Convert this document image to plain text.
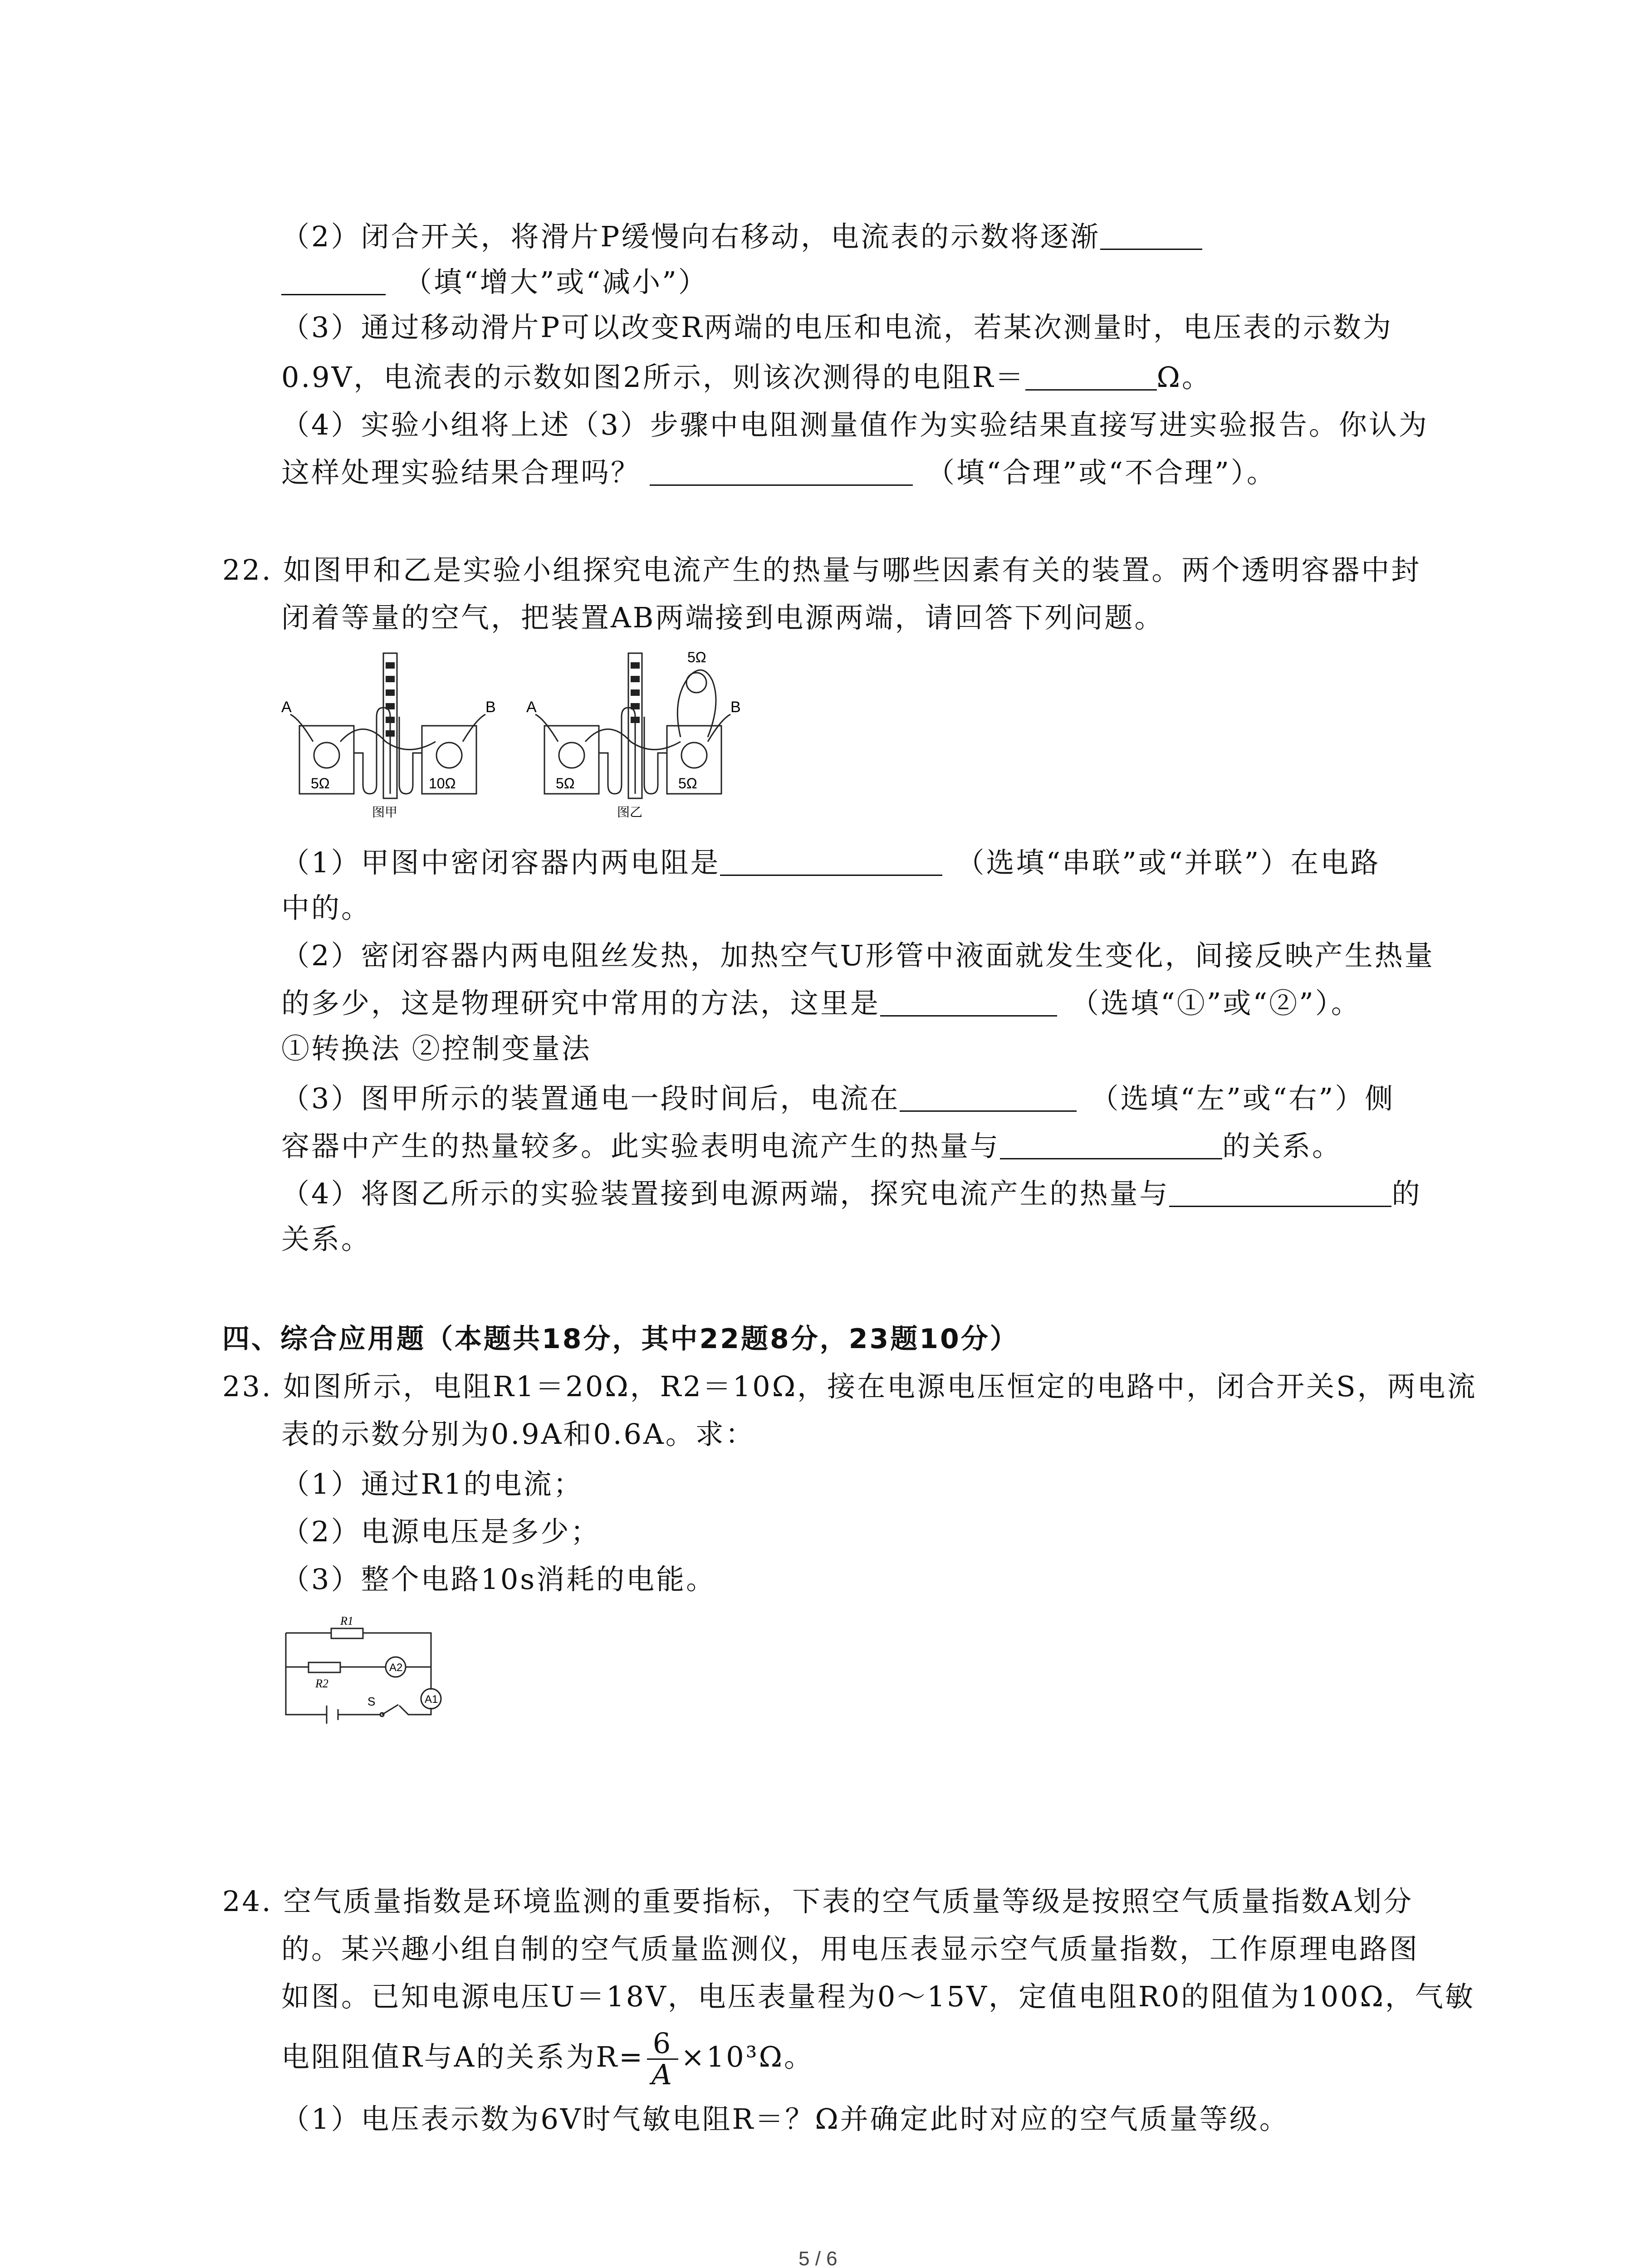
（2）闭合开关，将滑片P缓慢向右移动，电流表的示数将逐渐
（填“增大”或“减小”）
（3）通过移动滑片P可以改变R两端的电压和电流，若某次测量时，电压表的示数为
0.9V，电流表的示数如图2所示，则该次测得的电阻R＝	Ω。
（4）实验小组将上述（3）步骤中电阻测量值作为实验结果直接写进实验报告。你认为
这样处理实验结果合理吗？	（填“合理”或“不合理”）。
22. 如图甲和乙是实验小组探究电流产生的热量与哪些因素有关的装置。两个透明容器中封
闭着等量的空气，把装置AB两端接到电源两端，请回答下列问题。
A	B
5Ω	10Ω
图甲
A	B
5Ω	5Ω
5Ω
图乙
（1）甲图中密闭容器内两电阻是	（选填“串联”或“并联”）在电路
中的。
（2）密闭容器内两电阻丝发热，加热空气U形管中液面就发生变化，间接反映产生热量
的多少，这是物理研究中常用的方法，这里是	（选填“①”或“②”）。
①转换法 ②控制变量法
（3）图甲所示的装置通电一段时间后，电流在	（选填“左”或“右”）侧
容器中产生的热量较多。此实验表明电流产生的热量与	的关系。
（4）将图乙所示的实验装置接到电源两端，探究电流产生的热量与	的
关系。
四、综合应用题（本题共18分，其中22题8分，23题10分）
23. 如图所示，电阻R1＝20Ω，R2＝10Ω，接在电源电压恒定的电路中，闭合开关S，两电流
表的示数分别为0.9A和0.6A。求：
（1）通过R1的电流；
（2）电源电压是多少；
（3）整个电路10s消耗的电能。
R1
R2
A2
A1
S
24. 空气质量指数是环境监测的重要指标，下表的空气质量等级是按照空气质量指数A划分
的。某兴趣小组自制的空气质量监测仪，用电压表显示空气质量指数，工作原理电路图
如图。已知电源电压U＝18V，电压表量程为0～15V，定值电阻R0的阻值为100Ω，气敏
电阻阻值R与A的关系为$R= \frac{6}{A} \times 10^3\Omega$。
（1）电压表示数为6V时气敏电阻R＝？Ω并确定此时对应的空气质量等级。
5 / 6
